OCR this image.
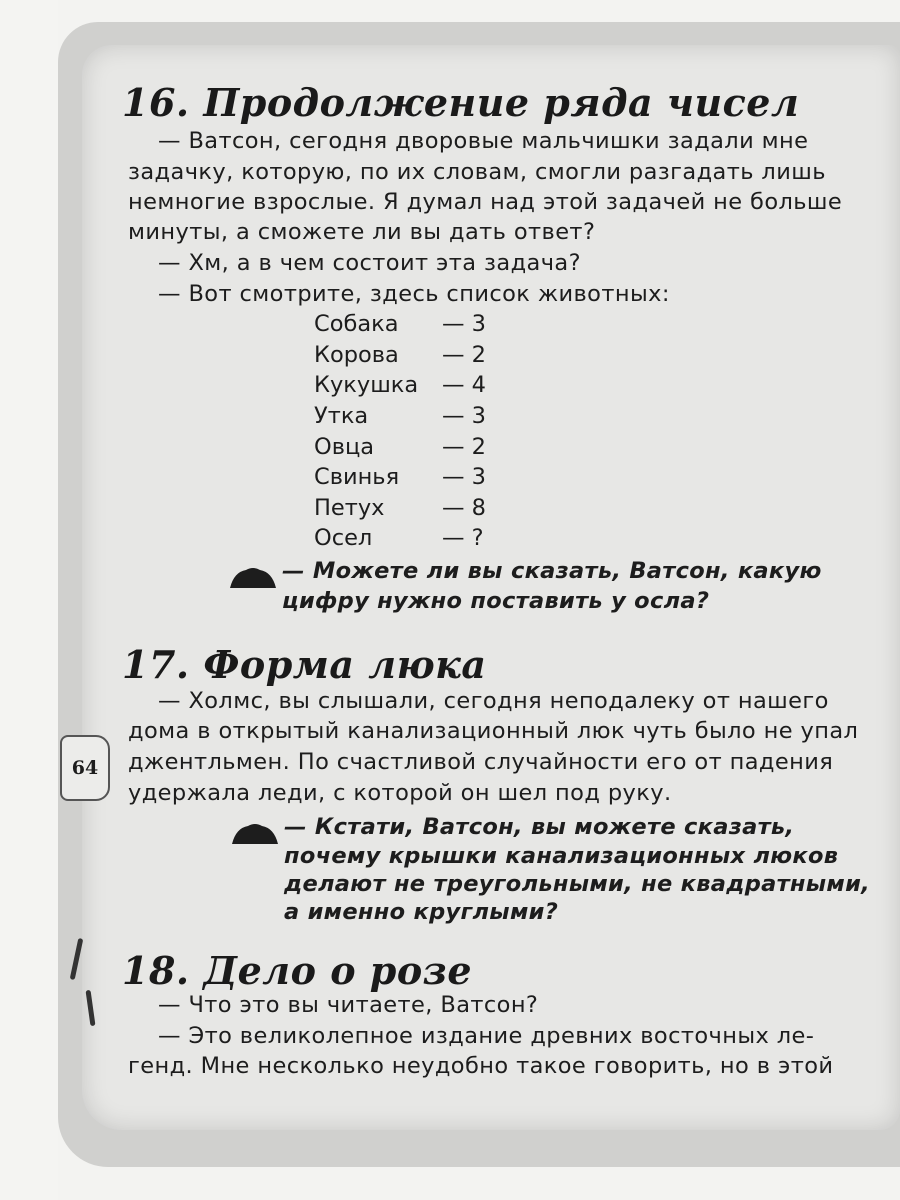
64
16. Продолжение ряда чисел

— Ватсон, сегодня дворовые мальчишки задали мне

задачку, которую, по их словам, смогли разгадать лишь

немногие взрослые. Я думал над этой задачей не больше

минуты, а сможете ли вы дать ответ?

— Хм, а в чем состоит эта задача?

— Вот смотрите, здесь список животных:

Собака — 3
Корова — 2
Кукушка — 4
Утка	— 3
Овца	— 2
Свинья — 3
Петух	— 8
Осел	— ?
— Можете ли вы сказать, Ватсон, какую
цифру нужно поставить у осла?
17. Форма люка

— Холмс, вы слышали, сегодня неподалеку от нашего

дома в открытый канализационный люк чуть было не упал

джентльмен. По счастливой случайности его от падения

удержала леди, с которой он шел под руку.

— Кстати, Ватсон, вы можете сказать,
почему крышки канализационных люков
делают не треугольными, не квадратными,
а именно круглыми?
18. Дело о розе

— Что это вы читаете, Ватсон?

— Это великолепное издание древних восточных ле-

генд. Мне несколько неудобно такое говорить, но в этой
